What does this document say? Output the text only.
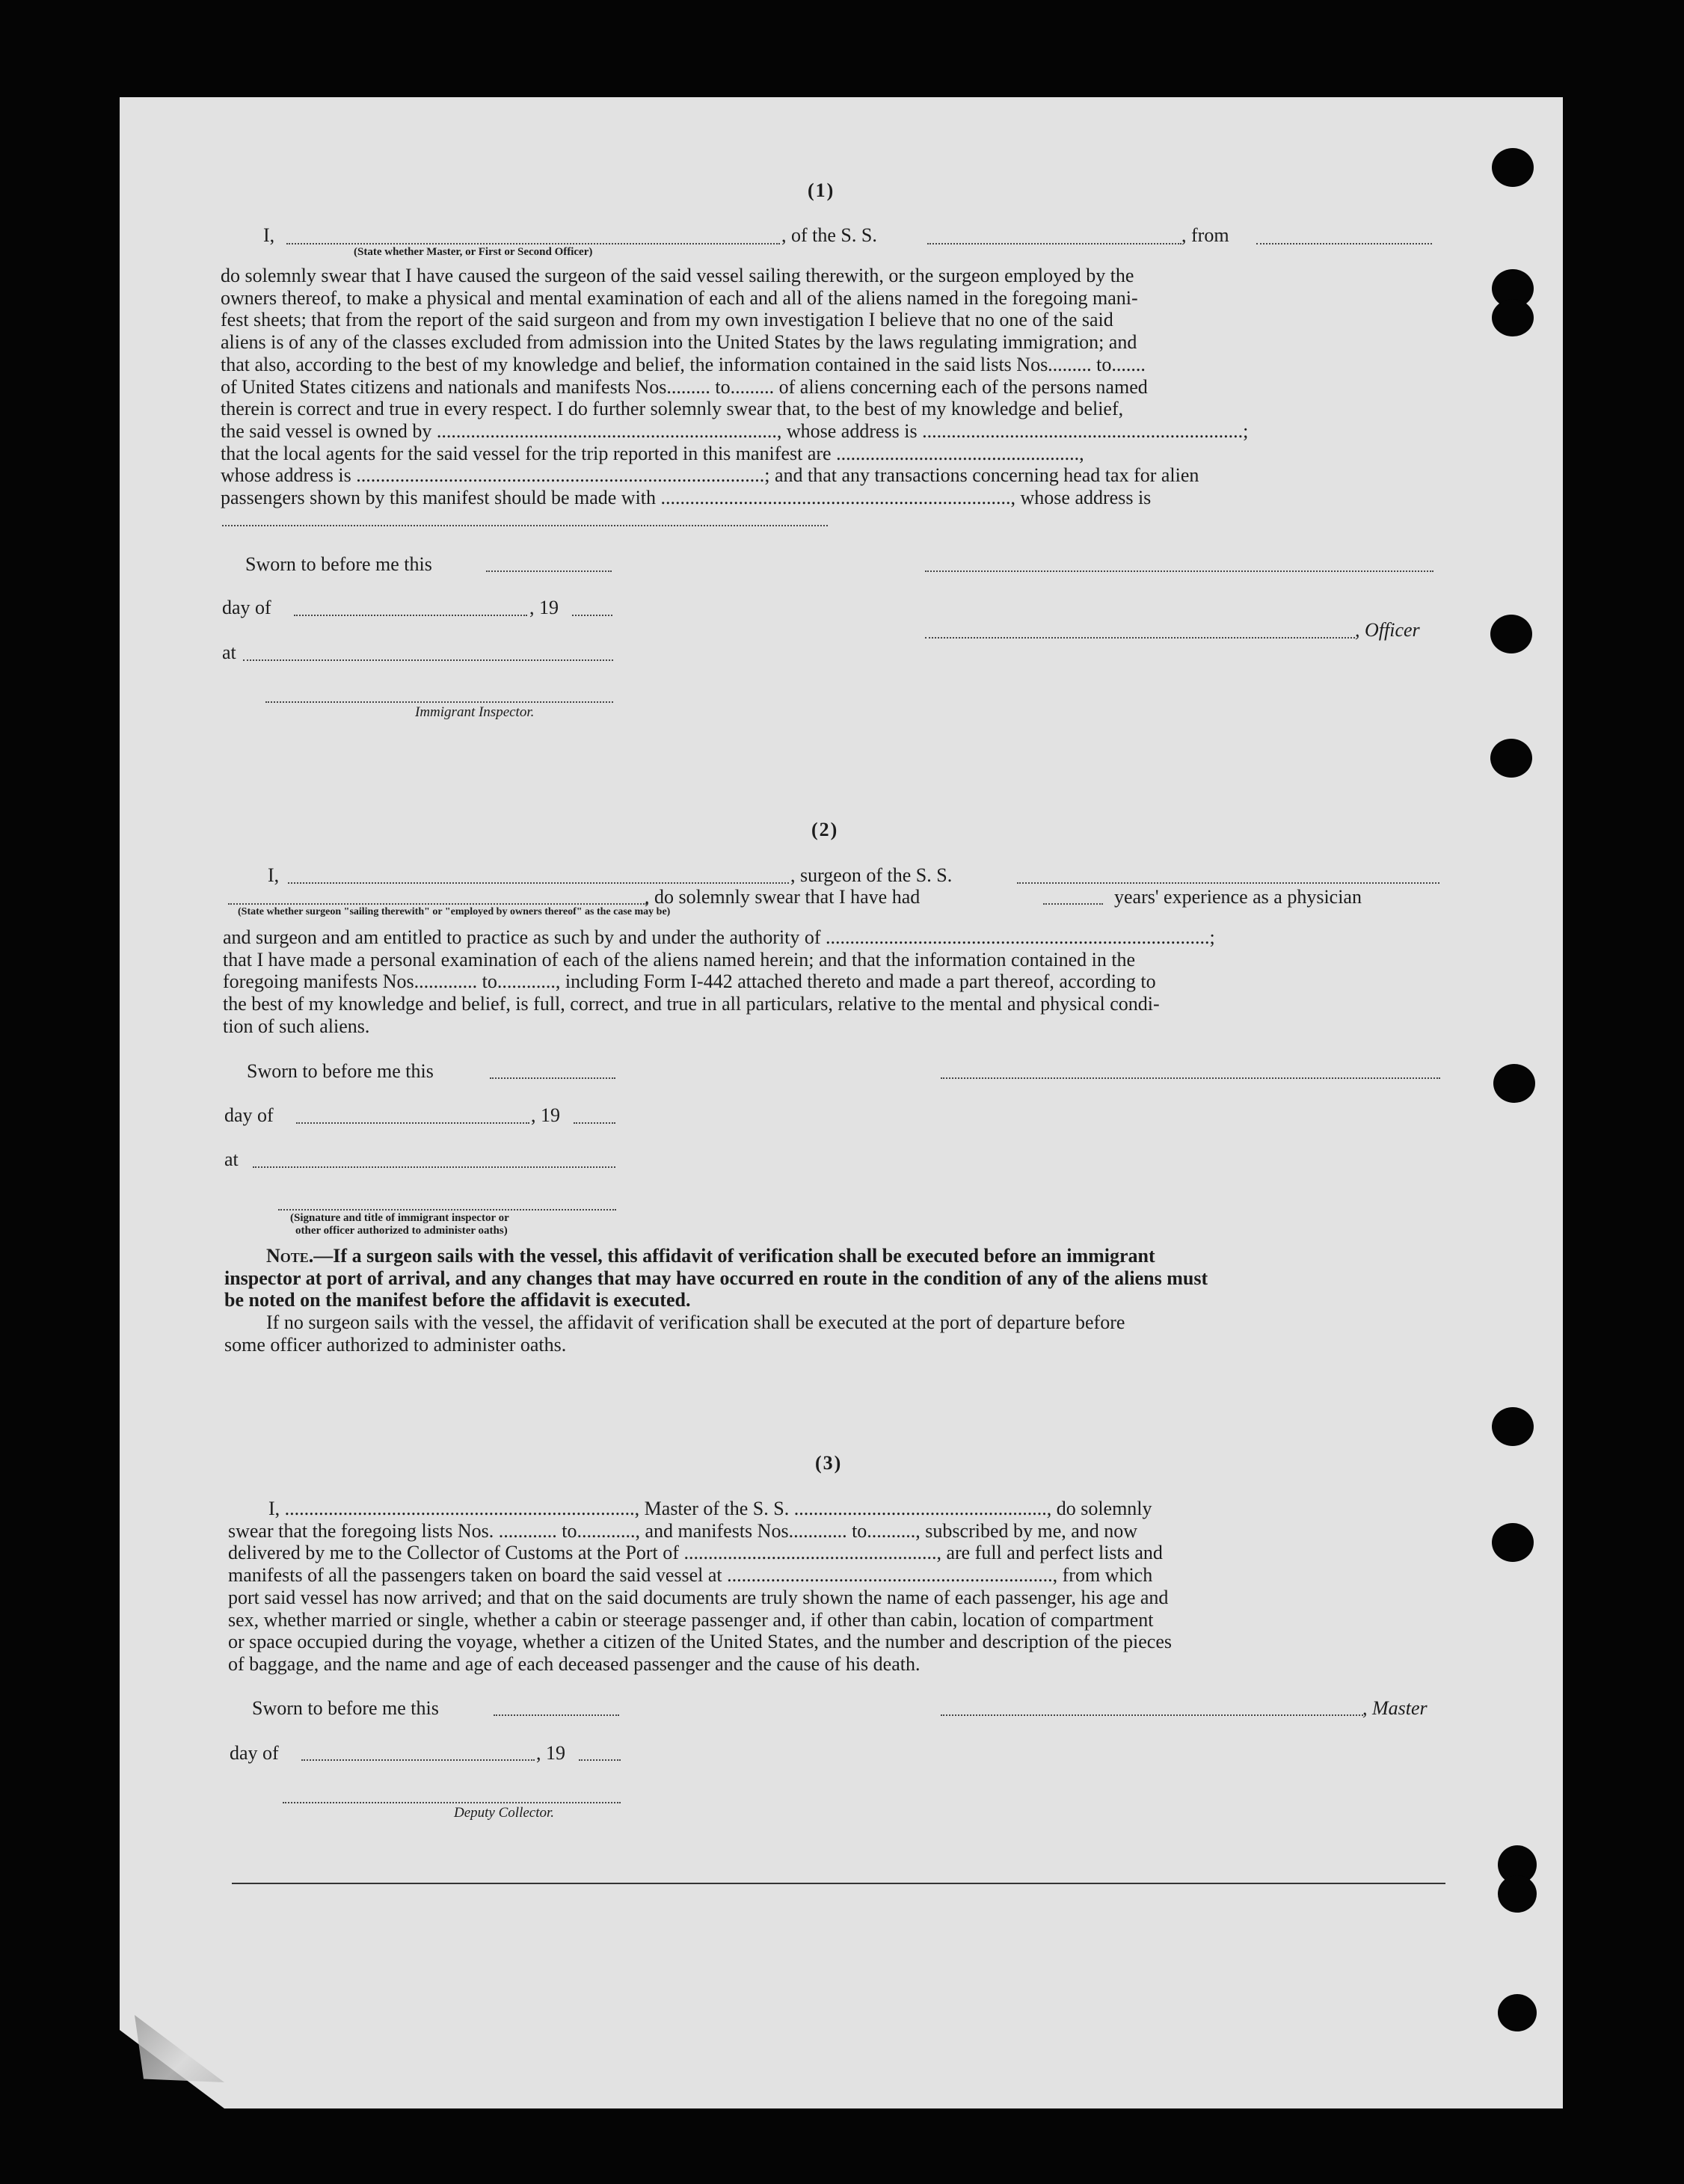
(1)
I,	, of the S. S.	, from
(State whether Master, or First or Second Officer)
do solemnly swear that I have caused the surgeon of the said vessel sailing therewith, or the surgeon employed by the
owners thereof, to make a physical and mental examination of each and all of the aliens named in the foregoing mani-
fest sheets; that from the report of the said surgeon and from my own investigation I believe that no one of the said
aliens is of any of the classes excluded from admission into the United States by the laws regulating immigration; and
that also, according to the best of my knowledge and belief, the information contained in the said lists Nos......... to.......
of United States citizens and nationals and manifests Nos......... to......... of aliens concerning each of the persons named
therein is correct and true in every respect. I do further solemnly swear that, to the best of my knowledge and belief,
the said vessel is owned by ......................................................................, whose address is ..................................................................;
that the local agents for the said vessel for the trip reported in this manifest are ..................................................,
whose address is ....................................................................................; and that any transactions concerning head tax for alien
passengers shown by this manifest should be made with ........................................................................, whose address is
Sworn to before me this
day of	, 19
, Officer
at
Immigrant Inspector.
(2)
I,	, surgeon of the S. S.
, do solemnly swear that I have had	years' experience as a physician
(State whether surgeon "sailing therewith" or "employed by owners thereof" as the case may be)
and surgeon and am entitled to practice as such by and under the authority of ...............................................................................;
that I have made a personal examination of each of the aliens named herein; and that the information contained in the
foregoing manifests Nos............. to............, including Form I-442 attached thereto and made a part thereof, according to
the best of my knowledge and belief, is full, correct, and true in all particulars, relative to the mental and physical condi-
tion of such aliens.
Sworn to before me this
day of	, 19
at
(Signature and title of immigrant inspector or
other officer authorized to administer oaths)
Note.—If a surgeon sails with the vessel, this affidavit of verification shall be executed before an immigrant
inspector at port of arrival, and any changes that may have occurred en route in the condition of any of the aliens must
be noted on the manifest before the affidavit is executed.
If no surgeon sails with the vessel, the affidavit of verification shall be executed at the port of departure before
some officer authorized to administer oaths.
(3)
I, ........................................................................, Master of the S. S. ...................................................., do solemnly
swear that the foregoing lists Nos. ............ to............, and manifests Nos............ to.........., subscribed by me, and now
delivered by me to the Collector of Customs at the Port of ...................................................., are full and perfect lists and
manifests of all the passengers taken on board the said vessel at ..................................................................., from which
port said vessel has now arrived; and that on the said documents are truly shown the name of each passenger, his age and
sex, whether married or single, whether a cabin or steerage passenger and, if other than cabin, location of compartment
or space occupied during the voyage, whether a citizen of the United States, and the number and description of the pieces
of baggage, and the name and age of each deceased passenger and the cause of his death.
Sworn to before me this	, Master
day of	, 19
Deputy Collector.
